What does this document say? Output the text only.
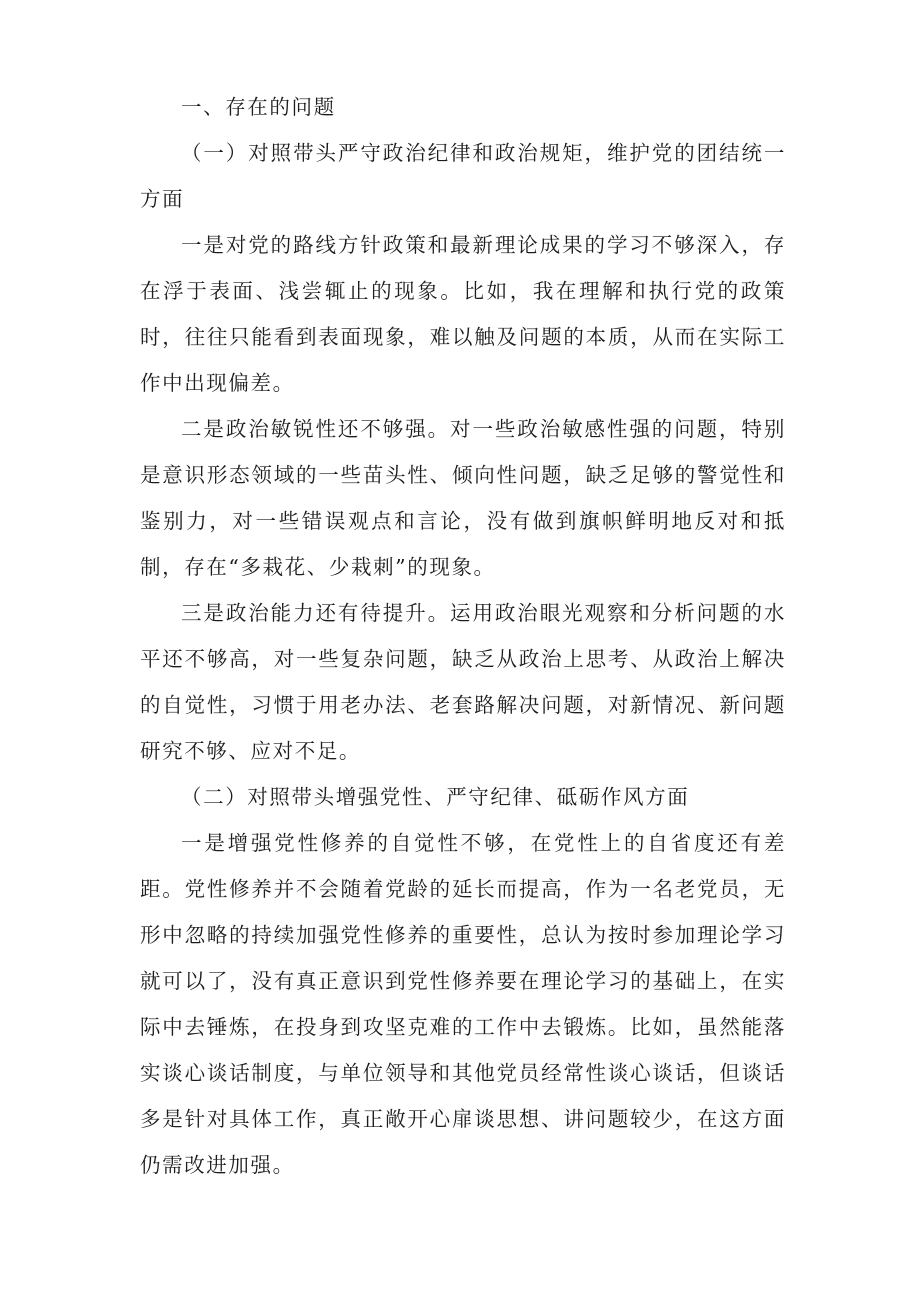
一、存在的问题

（一）对照带头严守政治纪律和政治规矩，维护党的团结统一方面

一是对党的路线方针政策和最新理论成果的学习不够深入，存在浮于表面、浅尝辄止的现象。比如，我在理解和执行党的政策时，往往只能看到表面现象，难以触及问题的本质，从而在实际工作中出现偏差。

二是政治敏锐性还不够强。对一些政治敏感性强的问题，特别是意识形态领域的一些苗头性、倾向性问题，缺乏足够的警觉性和鉴别力，对一些错误观点和言论，没有做到旗帜鲜明地反对和抵制，存在“多栽花、少栽刺”的现象。

三是政治能力还有待提升。运用政治眼光观察和分析问题的水平还不够高，对一些复杂问题，缺乏从政治上思考、从政治上解决的自觉性，习惯于用老办法、老套路解决问题，对新情况、新问题研究不够、应对不足。

（二）对照带头增强党性、严守纪律、砥砺作风方面

一是增强党性修养的自觉性不够，在党性上的自省度还有差距。党性修养并不会随着党龄的延长而提高，作为一名老党员，无形中忽略的持续加强党性修养的重要性，总认为按时参加理论学习就可以了，没有真正意识到党性修养要在理论学习的基础上，在实际中去锤炼，在投身到攻坚克难的工作中去锻炼。比如，虽然能落实谈心谈话制度，与单位领导和其他党员经常性谈心谈话，但谈话多是针对具体工作，真正敞开心扉谈思想、讲问题较少，在这方面仍需改进加强。
